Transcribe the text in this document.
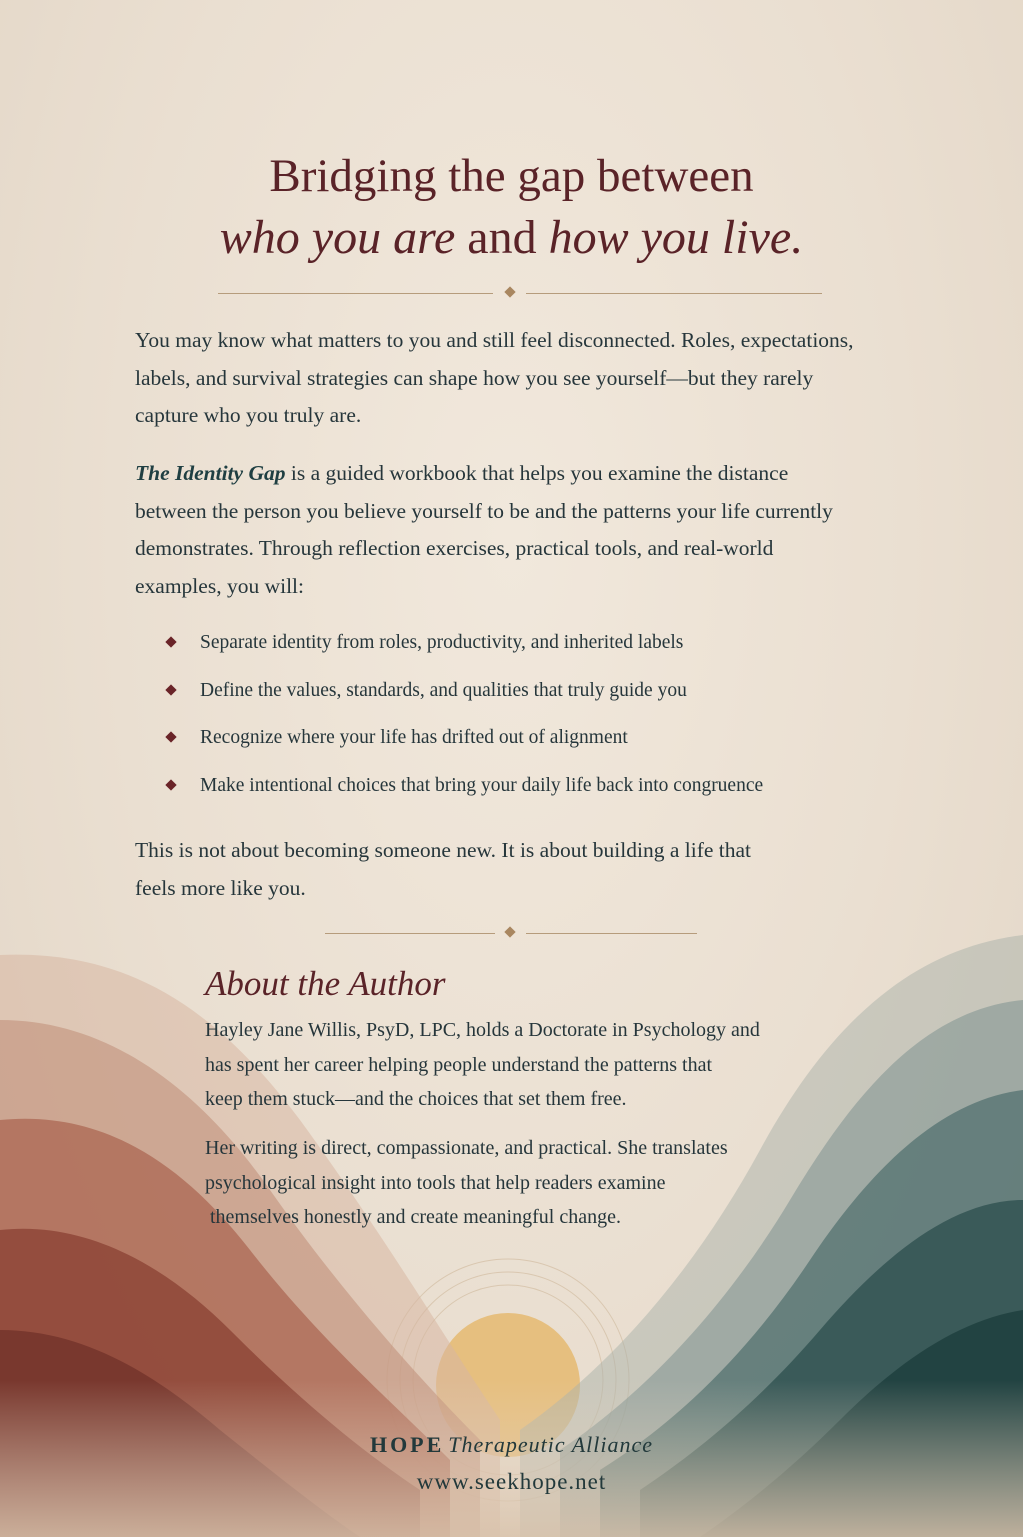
Bridging the gap between
who you are and how you live.

You may know what matters to you and still feel disconnected. Roles, expectations,
labels, and survival strategies can shape how you see yourself—but they rarely
capture who you truly are.

The Identity Gap is a guided workbook that helps you examine the distance
between the person you believe yourself to be and the patterns your life currently
demonstrates. Through reflection exercises, practical tools, and real-world
examples, you will:

Separate identity from roles, productivity, and inherited labels
Define the values, standards, and qualities that truly guide you
Recognize where your life has drifted out of alignment
Make intentional choices that bring your daily life back into congruence

This is not about becoming someone new. It is about building a life that
feels more like you.

About the Author

Hayley Jane Willis, PsyD, LPC, holds a Doctorate in Psychology and
has spent her career helping people understand the patterns that
keep them stuck—and the choices that set them free.

Her writing is direct, compassionate, and practical. She translates
psychological insight into tools that help readers examine
themselves honestly and create meaningful change.

HOPE Therapeutic Alliance
www.seekhope.net
